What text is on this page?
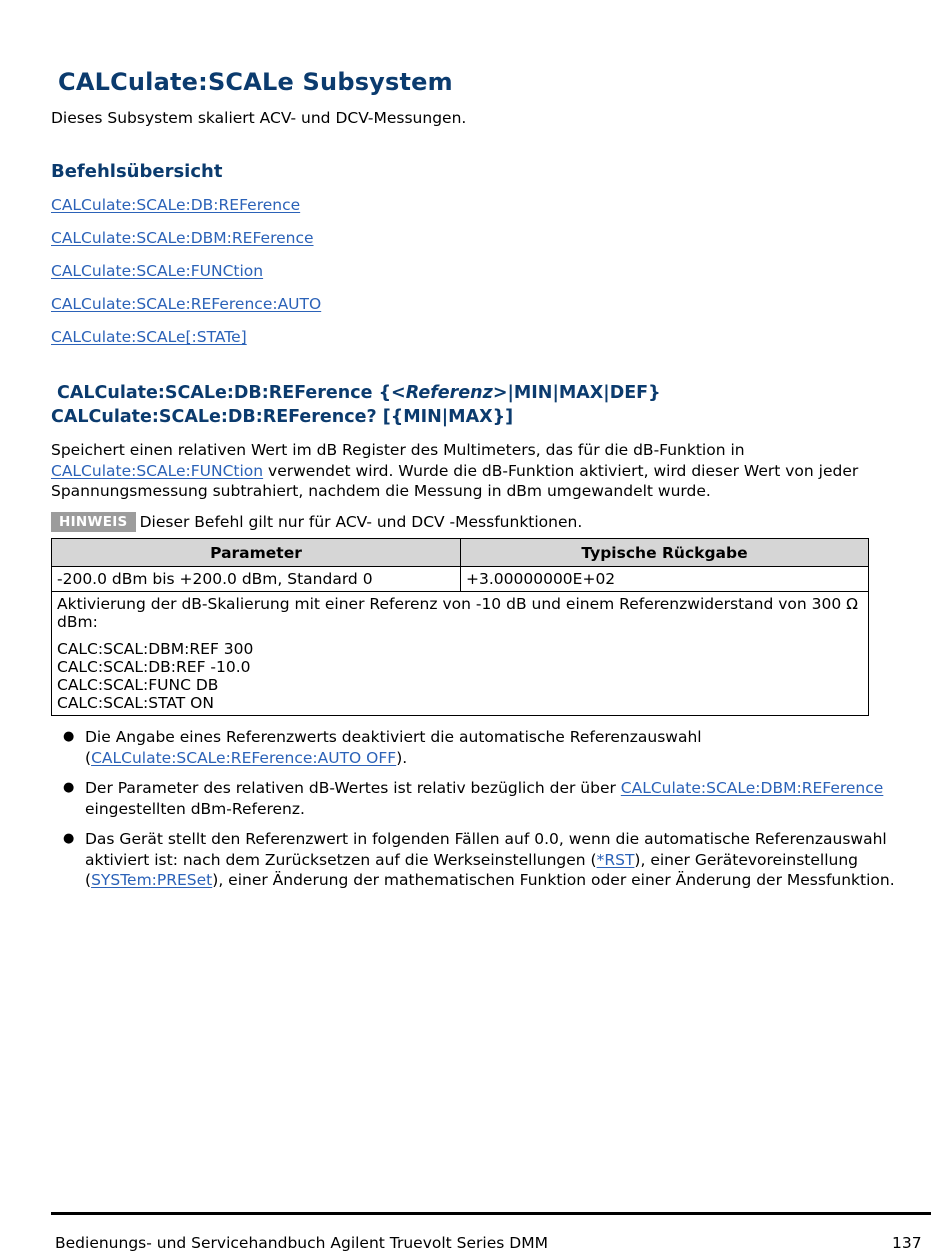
CALCulate:SCALe Subsystem
Dieses Subsystem skaliert ACV- und DCV-Messungen.
Befehlsübersicht
CALCulate:SCALe:DB:REFerence
CALCulate:SCALe:DBM:REFerence
CALCulate:SCALe:FUNCtion
CALCulate:SCALe:REFerence:AUTO
CALCulate:SCALe[:STATe]
CALCulate:SCALe:DB:REFerence {<Referenz>|MIN|MAX|DEF}
CALCulate:SCALe:DB:REFerence? [{MIN|MAX}]
Speichert einen relativen Wert im dB Register des Multimeters, das für die dB-Funktion in CALCulate:SCALe:FUNCtion verwendet wird. Wurde die dB-Funktion aktiviert, wird dieser Wert von jeder Spannungsmessung subtrahiert, nachdem die Messung in dBm umgewandelt wurde.
HINWEIS Dieser Befehl gilt nur für ACV- und DCV -Messfunktionen.
Parameter	Typische Rückgabe
-200.0 dBm bis +200.0 dBm, Standard 0	+3.00000000E+02

Aktivierung der dB-Skalierung mit einer Referenz von -10 dB und einem Referenzwiderstand von 300 Ω dBm:

CALC:SCAL:DBM:REF 300

CALC:SCAL:DB:REF -10.0

CALC:SCAL:FUNC DB

CALC:SCAL:STAT ON	

● Die Angabe eines Referenzwerts deaktiviert die automatische Referenzauswahl (CALCulate:SCALe:REFerence:AUTO OFF).
● Der Parameter des relativen dB-Wertes ist relativ bezüglich der über CALCulate:SCALe:DBM:REFerence eingestellten dBm-Referenz.
● Das Gerät stellt den Referenzwert in folgenden Fällen auf 0.0, wenn die automatische Referenzauswahl aktiviert ist: nach dem Zurücksetzen auf die Werkseinstellungen (*RST), einer Gerätevoreinstellung (SYSTem:PRESet), einer Änderung der mathematischen Funktion oder einer Änderung der Messfunktion.
Bedienungs- und Servicehandbuch Agilent Truevolt Series DMM	137
